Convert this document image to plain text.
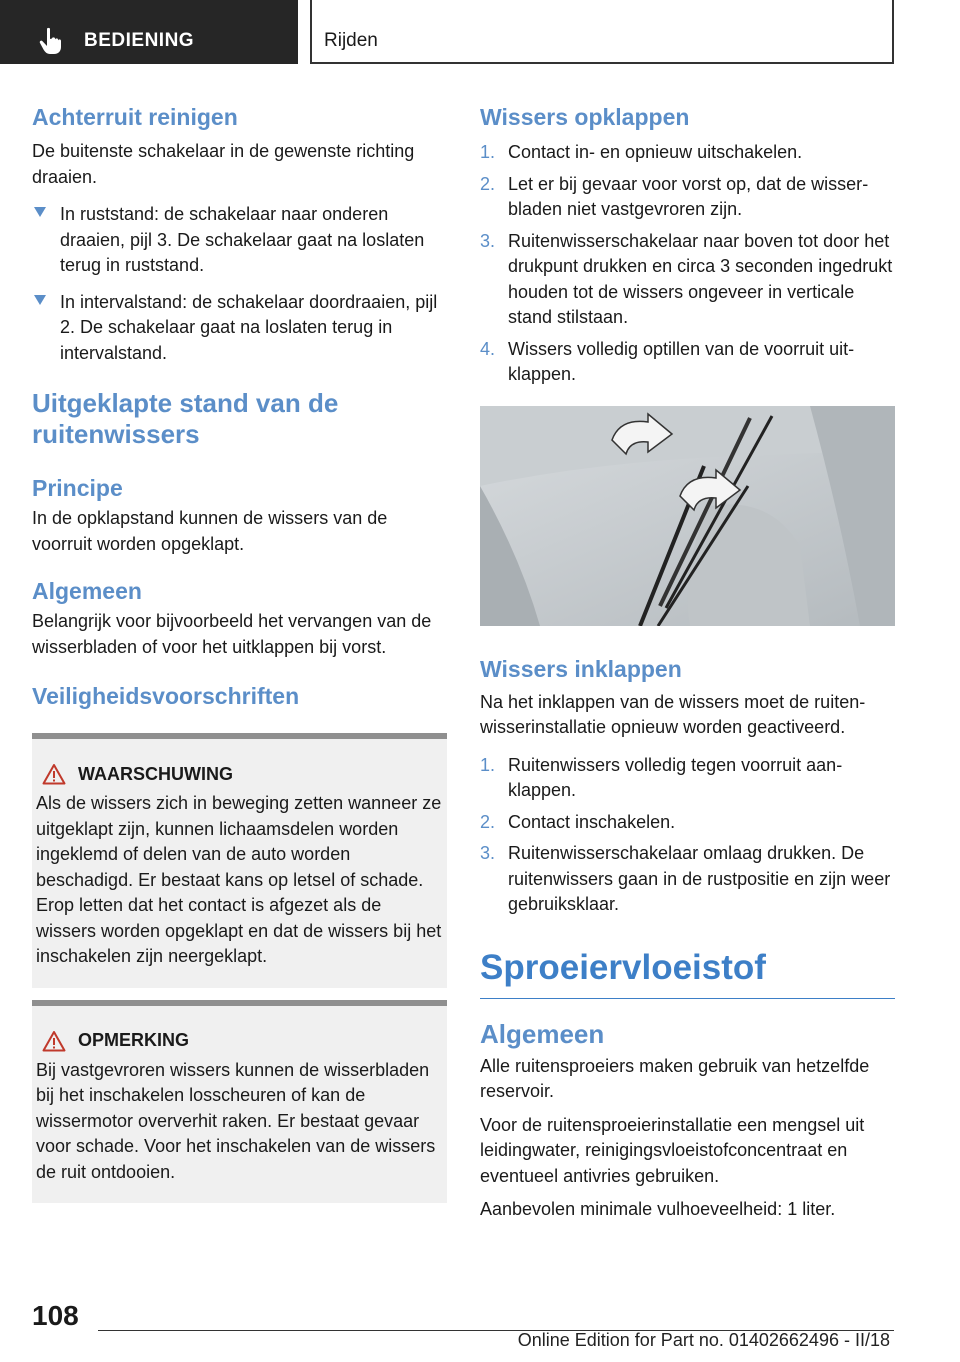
BEDIENING	Rijden
Achterruit reinigen

De buitenste schakelaar in de gewenste richting draaien.

In ruststand: de schakelaar naar onderen draaien, pijl 3. De schakelaar gaat na loslaten terug in ruststand.
In intervalstand: de schakelaar doordraaien, pijl 2. De schakelaar gaat na loslaten terug in intervalstand.
Uitgeklapte stand van de ruitenwissers
Principe

In de opklapstand kunnen de wissers van de voorruit worden opgeklapt.

Algemeen

Belangrijk voor bijvoorbeeld het vervangen van de wisserbladen of voor het uitklappen bij vorst.

Veiligheidsvoorschriften
WAARSCHUWING
Als de wissers zich in beweging zetten wanneer ze uitgeklapt zijn, kunnen lichaamsdelen worden ingeklemd of delen van de auto worden beschadigd. Er bestaat kans op letsel of schade. Erop letten dat het contact is afgezet als de wissers worden opgeklapt en dat de wissers bij het inschakelen zijn neergeklapt.
OPMERKING
Bij vastgevroren wissers kunnen de wisserbladen bij het inschakelen losscheuren of kan de wissermotor oververhit raken. Er bestaat gevaar voor schade. Voor het inschakelen van de wissers de ruit ontdooien.
Wissers opklappen
1. Contact in- en opnieuw uitschakelen.
2. Let er bij gevaar voor vorst op, dat de wisserbladen niet vastgevroren zijn.
3. Ruitenwisserschakelaar naar boven tot door het drukpunt drukken en circa 3 seconden ingedrukt houden tot de wissers ongeveer in verticale stand stilstaan.
4. Wissers volledig optillen van de voorruit uitklappen.
Wissers inklappen

Na het inklappen van de wissers moet de ruitenwisserinstallatie opnieuw worden geactiveerd.

1. Ruitenwissers volledig tegen voorruit aanklappen.
2. Contact inschakelen.
3. Ruitenwisserschakelaar omlaag drukken. De ruitenwissers gaan in de rustpositie en zijn weer gebruiksklaar.
Sproeiervloeistof
Algemeen

Alle ruitensproeiers maken gebruik van hetzelfde reservoir.

Voor de ruitensproeierinstallatie een mengsel uit leidingwater, reinigingsvloeistofconcentraat en eventueel antivries gebruiken.

Aanbevolen minimale vulhoeveelheid: 1 liter.

108
Online Edition for Part no. 01402662496 - II/18
